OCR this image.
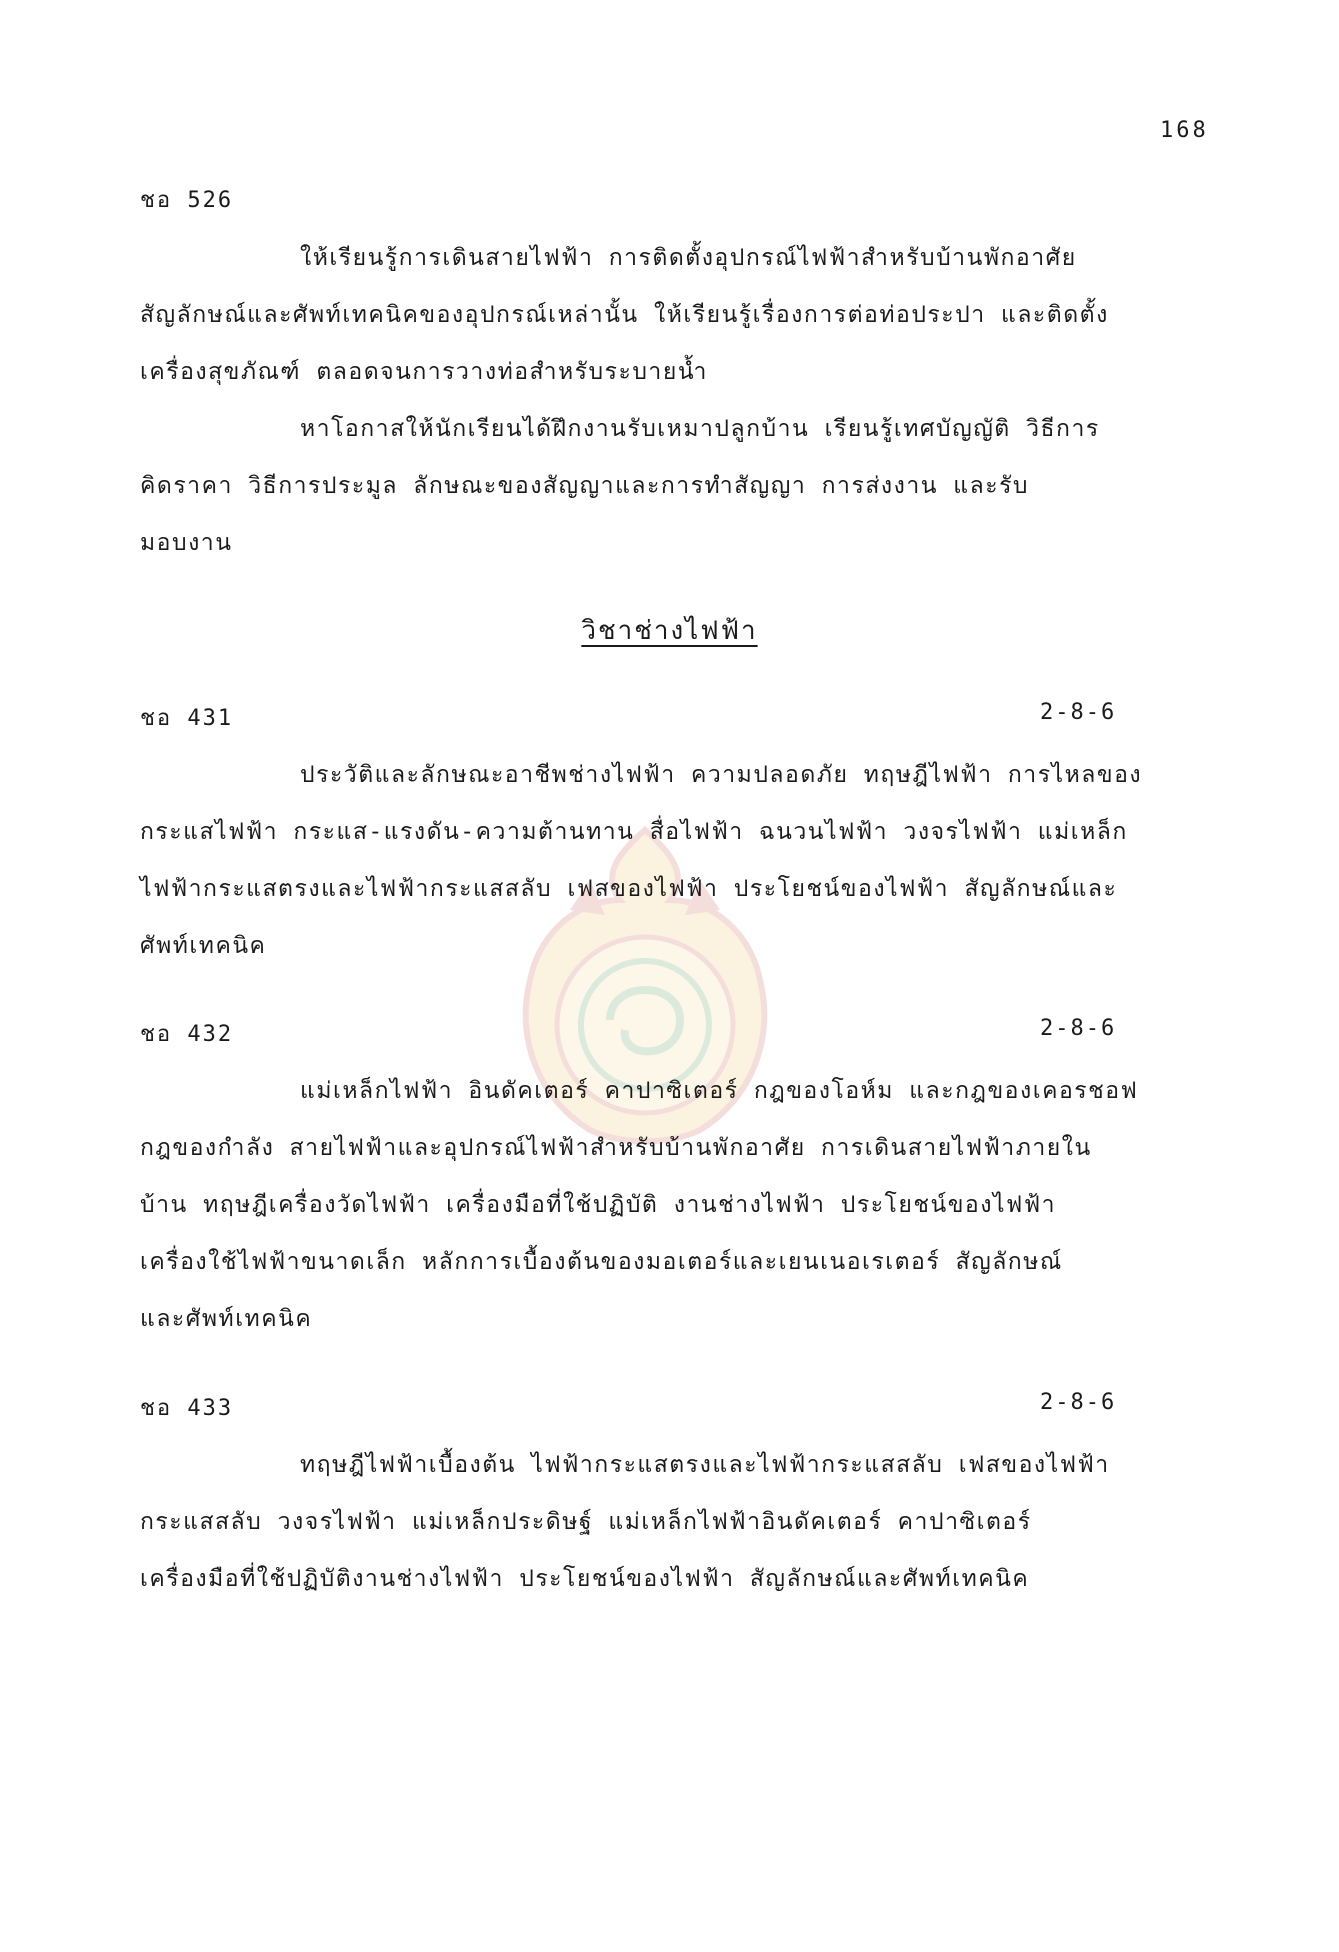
168
ชอ 526
ให้เรียนรู้การเดินสายไฟฟ้า การติดตั้งอุปกรณ์ไฟฟ้าสำหรับบ้านพักอาศัย
สัญลักษณ์และศัพท์เทคนิคของอุปกรณ์เหล่านั้น ให้เรียนรู้เรื่องการต่อท่อประปา และติดตั้ง
เครื่องสุขภัณฑ์ ตลอดจนการวางท่อสำหรับระบายน้ำ
หาโอกาสให้นักเรียนได้ฝึกงานรับเหมาปลูกบ้าน เรียนรู้เทศบัญญัติ วิธีการ
คิดราคา วิธีการประมูล ลักษณะของสัญญาและการทำสัญญา การส่งงาน และรับ
มอบงาน
วิชาช่างไฟฟ้า
ชอ 431	2-8-6
ประวัติและลักษณะอาชีพช่างไฟฟ้า ความปลอดภัย ทฤษฎีไฟฟ้า การไหลของ
กระแสไฟฟ้า กระแส-แรงดัน-ความต้านทาน สื่อไฟฟ้า ฉนวนไฟฟ้า วงจรไฟฟ้า แม่เหล็ก
ไฟฟ้ากระแสตรงและไฟฟ้ากระแสสลับ เฟสของไฟฟ้า ประโยชน์ของไฟฟ้า สัญลักษณ์และ
ศัพท์เทคนิค
ชอ 432	2-8-6
แม่เหล็กไฟฟ้า อินดัคเตอร์ คาปาซิเตอร์ กฎของโอห์ม และกฎของเคอรชอฟ
กฎของกำลัง สายไฟฟ้าและอุปกรณ์ไฟฟ้าสำหรับบ้านพักอาศัย การเดินสายไฟฟ้าภายใน
บ้าน ทฤษฎีเครื่องวัดไฟฟ้า เครื่องมือที่ใช้ปฏิบัติ งานช่างไฟฟ้า ประโยชน์ของไฟฟ้า
เครื่องใช้ไฟฟ้าขนาดเล็ก หลักการเบื้องต้นของมอเตอร์และเยนเนอเรเตอร์ สัญลักษณ์
และศัพท์เทคนิค
ชอ 433	2-8-6
ทฤษฎีไฟฟ้าเบื้องต้น ไฟฟ้ากระแสตรงและไฟฟ้ากระแสสลับ เฟสของไฟฟ้า
กระแสสลับ วงจรไฟฟ้า แม่เหล็กประดิษฐ์ แม่เหล็กไฟฟ้าอินดัคเตอร์ คาปาซิเตอร์
เครื่องมือที่ใช้ปฏิบัติงานช่างไฟฟ้า ประโยชน์ของไฟฟ้า สัญลักษณ์และศัพท์เทคนิค
